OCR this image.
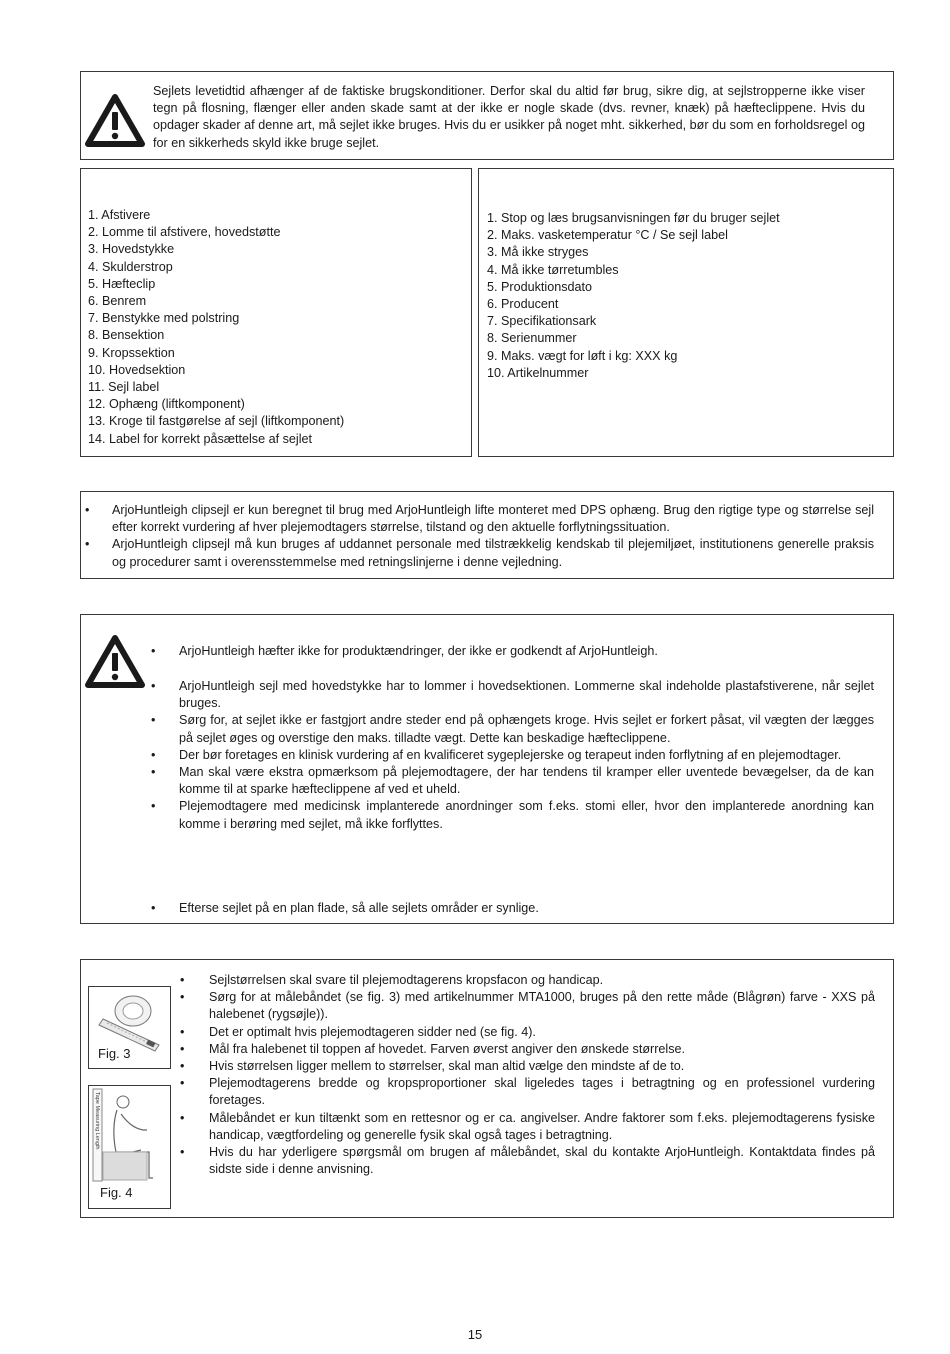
Sejlets levetidtid afhænger af de faktiske brugskonditioner. Derfor skal du altid før brug, sikre dig, at sejlstropperne ikke viser tegn på flosning, flænger eller anden skade samt at der ikke er nogle skade (dvs. revner, knæk) på hæfteclippene. Hvis du opdager skader af denne art, må sejlet ikke bruges. Hvis du er usikker på noget mht. sikkerhed, bør du som en forholdsregel og for en sikkerheds skyld ikke bruge sejlet.
1. Afstivere
2. Lomme til afstivere, hovedstøtte
3. Hovedstykke
4. Skulderstrop
5. Hæfteclip
6. Benrem
7. Benstykke med polstring
8. Bensektion
9. Kropssektion
10. Hovedsektion
11. Sejl label
12. Ophæng (liftkomponent)
13. Kroge til fastgørelse af sejl (liftkomponent)
14. Label for korrekt påsættelse af sejlet
1. Stop og læs brugsanvisningen før du bruger sejlet
2. Maks. vasketemperatur °C / Se sejl label
3. Må ikke stryges
4. Må ikke tørretumbles
5. Produktionsdato
6. Producent
7. Specifikationsark
8. Serienummer
9. Maks. vægt for løft i kg: XXX kg
10. Artikelnummer
• ArjoHuntleigh clipsejl er kun beregnet til brug med ArjoHuntleigh lifte monteret med DPS ophæng. Brug den rigtige type og størrelse sejl efter korrekt vurdering af hver plejemodtagers størrelse, tilstand og den aktuelle forflytningssituation.
• ArjoHuntleigh clipsejl må kun bruges af uddannet personale med tilstrækkelig kendskab til plejemiljøet, institutionens generelle praksis og procedurer samt i overensstemmelse med retningslinjerne i denne vejledning.
• ArjoHuntleigh hæfter ikke for produktændringer, der ikke er godkendt af ArjoHuntleigh.
• ArjoHuntleigh sejl med hovedstykke har to lommer i hovedsektionen. Lommerne skal indeholde plastafstiverene, når sejlet bruges.
• Sørg for, at sejlet ikke er fastgjort andre steder end på ophængets kroge. Hvis sejlet er forkert påsat, vil vægten der lægges på sejlet øges og overstige den maks. tilladte vægt. Dette kan beskadige hæfteclippene.
• Der bør foretages en klinisk vurdering af en kvalificeret sygeplejerske og terapeut inden forflytning af en plejemodtager.
• Man skal være ekstra opmærksom på plejemodtagere, der har tendens til kramper eller uventede bevægelser, da de kan komme til at sparke hæfteclippene af ved et uheld.
• Plejemodtagere med medicinsk implanterede anordninger som f.eks. stomi eller, hvor den implanterede anordning kan komme i berøring med sejlet, må ikke forflyttes.
• Efterse sejlet på en plan flade, så alle sejlets områder er synlige.
Fig. 3
Tape Measuring Length
Fig. 4
• Sejlstørrelsen skal svare til plejemodtagerens kropsfacon og handicap.
• Sørg for at målebåndet (se fig. 3) med artikelnummer MTA1000, bruges på den rette måde (Blågrøn) farve - XXS på halebenet (rygsøjle)).
• Det er optimalt hvis plejemodtageren sidder ned (se fig. 4).
• Mål fra halebenet til toppen af hovedet. Farven øverst angiver den ønskede størrelse.
• Hvis størrelsen ligger mellem to størrelser, skal man altid vælge den mindste af de to.
• Plejemodtagerens bredde og kropsproportioner skal ligeledes tages i betragtning og en professionel vurdering foretages.
• Målebåndet er kun tiltænkt som en rettesnor og er ca. angivelser. Andre faktorer som f.eks. plejemodtagerens fysiske handicap, vægtfordeling og generelle fysik skal også tages i betragtning.
• Hvis du har yderligere spørgsmål om brugen af målebåndet, skal du kontakte ArjoHuntleigh. Kontaktdata findes på sidste side i denne anvisning.
15
